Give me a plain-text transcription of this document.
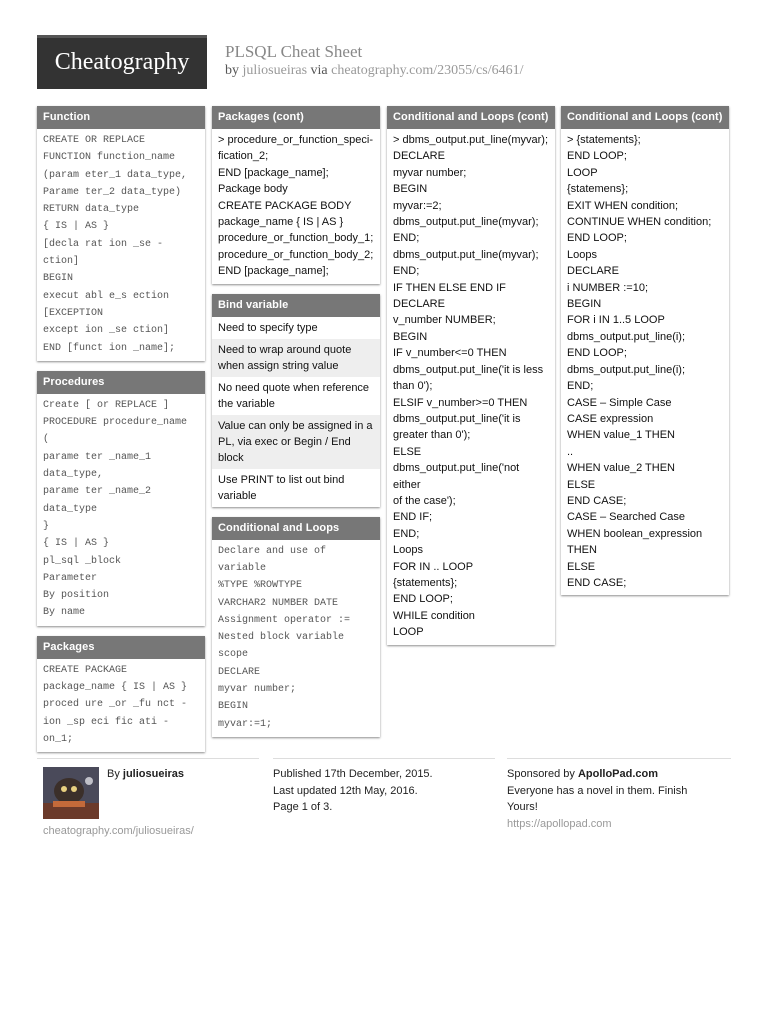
Cheatography	PLSQL Cheat Sheet
by juliosueiras via cheatography.com/23055/cs/6461/
Function
CREATE OR REPLACE
FUNCTION function_name
(param eter_1 data_type,
Parame ter_2 data_type)
RETURN data_type
{ IS | AS }
[decla rat ion _se -
ction]
BEGIN
execut abl e_s ection
[EXCEPTION
except ion _se ction]
END [funct ion _name];
Procedures
Create [ or REPLACE ]
PROCEDURE procedure_name
(
parame ter _name_1
data_type,
parame ter _name_2
data_type
}
{ IS | AS }
pl_sql _block
Parameter
By position
By name
Packages
CREATE PACKAGE
package_name { IS | AS }
proced ure _or _fu nct -
ion _sp eci fic ati -
on_1;
Packages (cont)
> procedure_or_function_speci-
fication_2;
END [package_name];
Package body
CREATE PACKAGE BODY
package_name { IS | AS }
procedure_or_function_body_1;
procedure_or_function_body_2;
END [package_name];
Bind variable
Need to specify type
Need to wrap around quote
when assign string value
No need quote when reference
the variable
Value can only be assigned in a
PL, via exec or Begin / End
block
Use PRINT to list out bind
variable
Conditional and Loops
Declare and use of
variable
%TYPE %ROWTYPE
VARCHAR2 NUMBER DATE
Assignment operator :=
Nested block variable
scope
DECLARE
myvar number;
BEGIN
myvar:=1;
Conditional and Loops (cont)
> dbms_output.put_line(myvar);
DECLARE
myvar number;
BEGIN
myvar:=2;
dbms_output.put_line(myvar);
END;
dbms_output.put_line(myvar);
END;
IF THEN ELSE END IF
DECLARE
v_number NUMBER;
BEGIN
IF v_number<=0 THEN
dbms_output.put_line('it is less
than 0');
ELSIF v_number>=0 THEN
dbms_output.put_line('it is
greater than 0');
ELSE
dbms_output.put_line('not either
of the case');
END IF;
END;
Loops
FOR IN .. LOOP
{statements};
END LOOP;
WHILE condition
LOOP
Conditional and Loops (cont)
> {statements};
END LOOP;
LOOP
{statemens};
EXIT WHEN condition;
CONTINUE WHEN condition;
END LOOP;
Loops
DECLARE
i NUMBER :=10;
BEGIN
FOR i IN 1..5 LOOP
dbms_output.put_line(i);
END LOOP;
dbms_output.put_line(i);
END;
CASE – Simple Case
CASE expression
WHEN value_1 THEN
..
WHEN value_2 THEN
ELSE
END CASE;
CASE – Searched Case
WHEN boolean_expression
THEN
ELSE
END CASE;
By juliosueiras
cheatography.com/juliosueiras/
Published 17th December, 2015.
Last updated 12th May, 2016.
Page 1 of 3.
Sponsored by ApolloPad.com
Everyone has a novel in them. Finish
Yours!
https://apollopad.com
